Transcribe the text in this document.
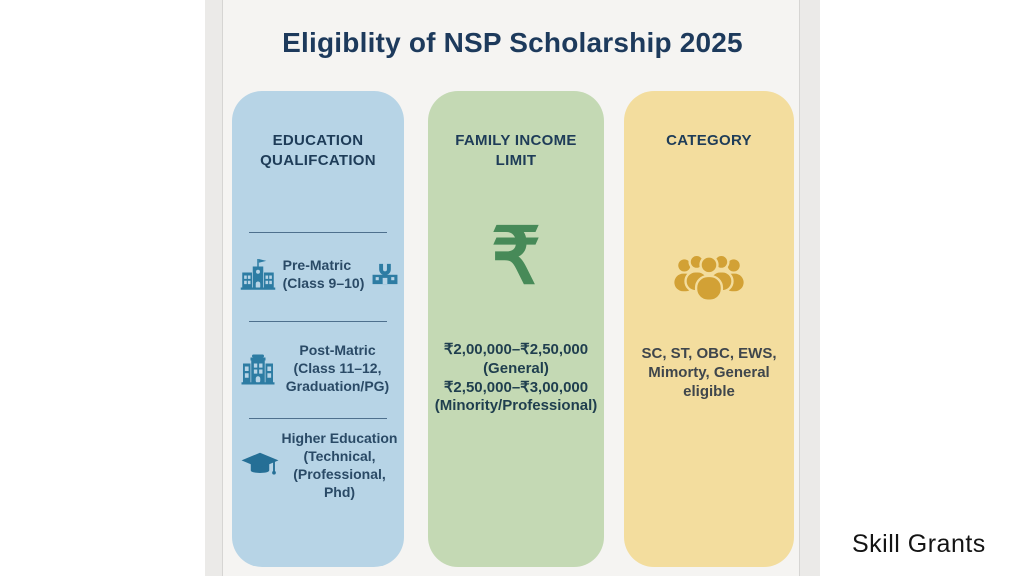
Eligiblity of NSP Scholarship 2025
EDUCATION QUALIFCATION
Pre-Matric
(Class 9–10)
Post-Matric
(Class 11–12,
Graduation/PG)
Higher Education
(Technical,
(Professional, Phd)
FAMILY INCOME LIMIT
₹
₹2,00,000–₹2,50,000
(General)
₹2,50,000–₹3,00,000
(Minority/Professional)
CATEGORY
SC, ST, OBC, EWS,
Mimorty, General
eligible
Skill Grants
